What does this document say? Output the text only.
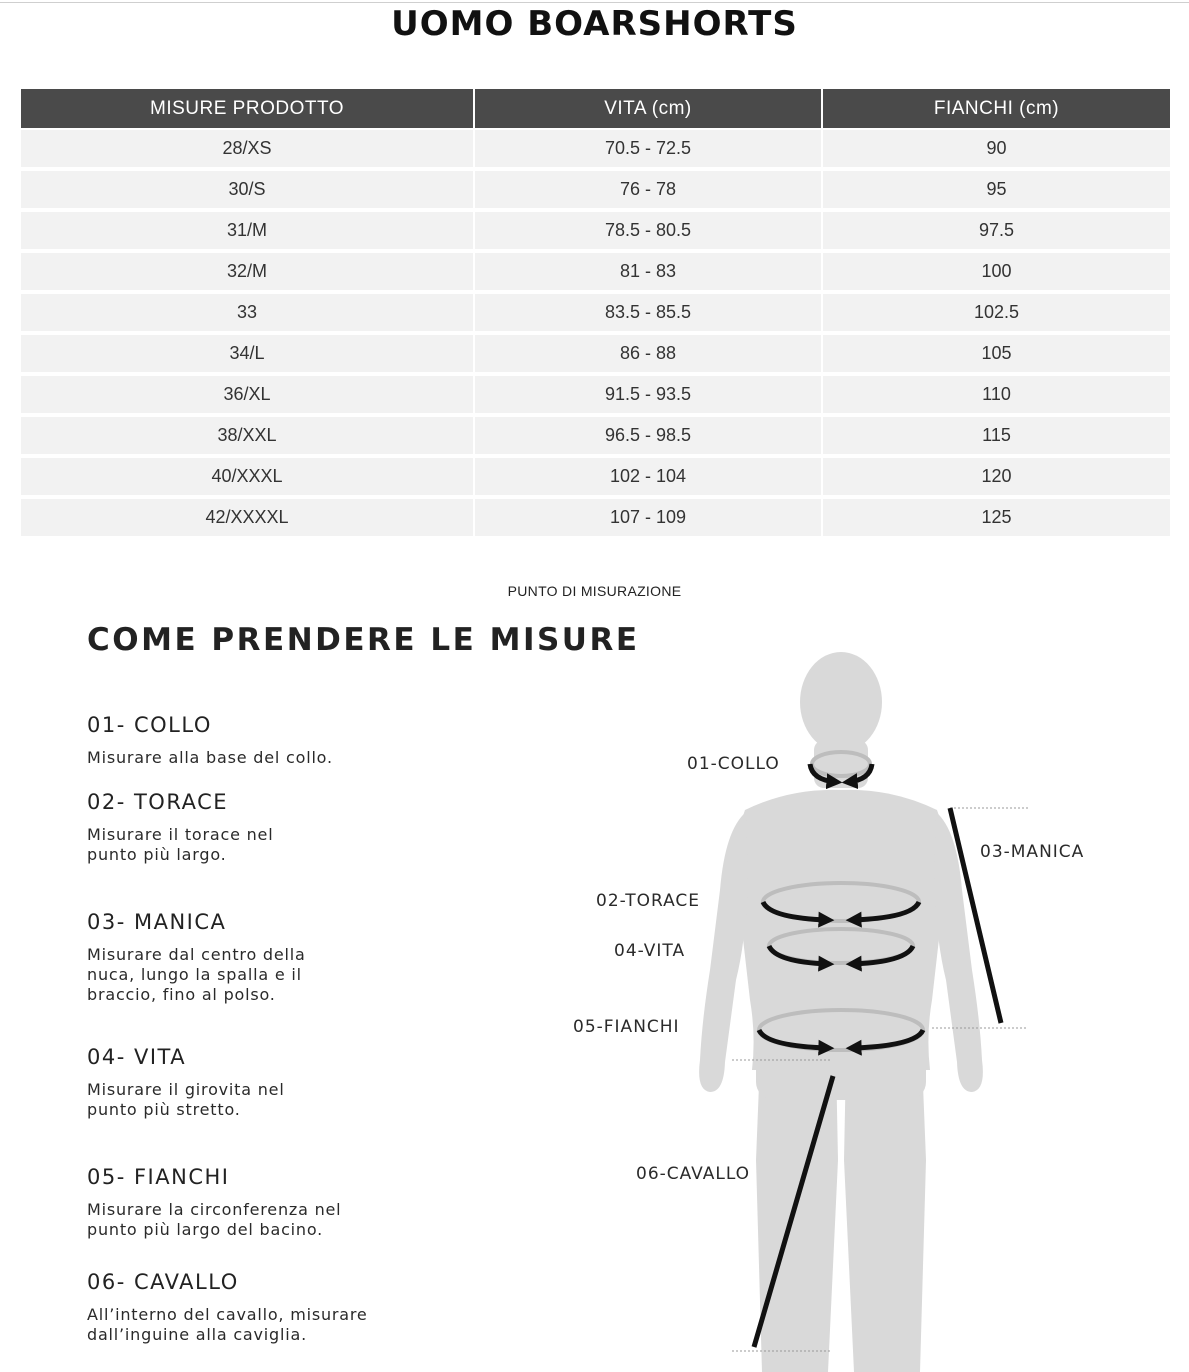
UOMO BOARSHORTS
MISURE PRODOTTO	VITA (cm)	FIANCHI (cm)
28/XS	70.5 - 72.5	90
30/S	76 - 78	95
31/M	78.5 - 80.5	97.5
32/M	81 - 83	100
33	83.5 - 85.5	102.5
34/L	86 - 88	105
36/XL	91.5 - 93.5	110
38/XXL	96.5 - 98.5	115
40/XXXL	102 - 104	120
42/XXXXL	107 - 109	125
PUNTO DI MISURAZIONE
COME PRENDERE LE MISURE
01- COLLO
Misurare alla base del collo.
02- TORACE
Misurare il torace nel
punto più largo.
03- MANICA
Misurare dal centro della
nuca, lungo la spalla e il
braccio, fino al polso.
04- VITA
Misurare il girovita nel
punto più stretto.
05- FIANCHI
Misurare la circonferenza nel
punto più largo del bacino.
06- CAVALLO
All’interno del cavallo, misurare
dall’inguine alla caviglia.
01-COLLO
03-MANICA
02-TORACE
04-VITA
05-FIANCHI
06-CAVALLO
